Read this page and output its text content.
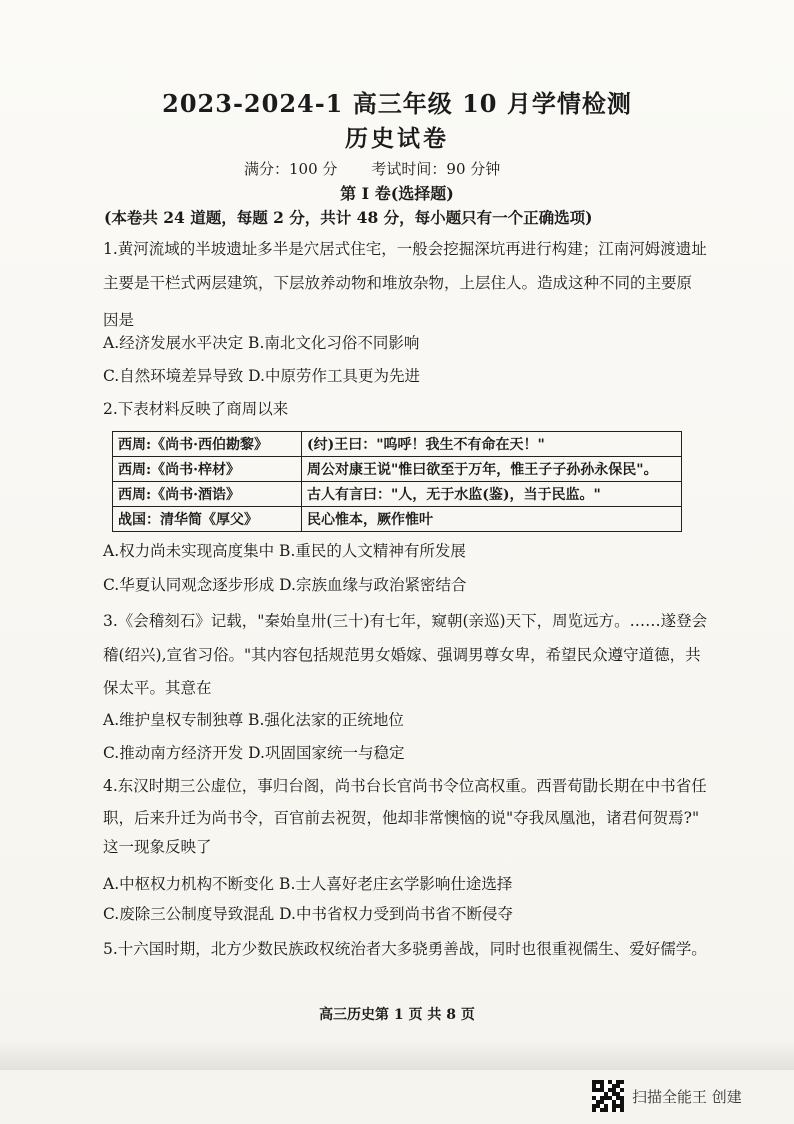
2023-2024-1 高三年级 10 月学情检测
历史试卷
满分：100 分 考试时间：90 分钟
第 I 卷(选择题)
(本卷共 24 道题，每题 2 分，共计 48 分，每小题只有一个正确选项)
1.黄河流域的半坡遗址多半是穴居式住宅，一般会挖掘深坑再进行构建；江南河姆渡遗址
主要是干栏式两层建筑，下层放养动物和堆放杂物，上层住人。造成这种不同的主要原
因是
A.经济发展水平决定 B.南北文化习俗不同影响
C.自然环境差异导致 D.中原劳作工具更为先进
2.下表材料反映了商周以来
西周:《尚书·西伯勘黎》	(纣)王曰："呜呼！我生不有命在天！"
西周:《尚书·梓材》	周公对康王说"惟曰欲至于万年，惟王子子孙孙永保民"。
西周:《尚书·酒诰》	古人有言曰："人，无于水监(鉴)，当于民监。"
战国：清华简《厚父》	民心惟本，厥作惟叶
A.权力尚未实现高度集中 B.重民的人文精神有所发展
C.华夏认同观念逐步形成 D.宗族血缘与政治紧密结合
3.《会稽刻石》记载，"秦始皇卅(三十)有七年，窥朝(亲巡)天下，周览远方。……遂登会
稽(绍兴),宣省习俗。"其内容包括规范男女婚嫁、强调男尊女卑，希望民众遵守道德，共
保太平。其意在
A.维护皇权专制独尊 B.强化法家的正统地位
C.推动南方经济开发 D.巩固国家统一与稳定
4.东汉时期三公虚位，事归台阁，尚书台长官尚书令位高权重。西晋荀勖长期在中书省任
职，后来升迁为尚书令，百官前去祝贺，他却非常懊恼的说"夺我凤凰池，诸君何贺焉?"
这一现象反映了
A.中枢权力机构不断变化 B.士人喜好老庄玄学影响仕途选择
C.废除三公制度导致混乱 D.中书省权力受到尚书省不断侵夺
5.十六国时期，北方少数民族政权统治者大多骁勇善战，同时也很重视儒生、爱好儒学。
高三历史第 1 页 共 8 页
扫描全能王 创建
